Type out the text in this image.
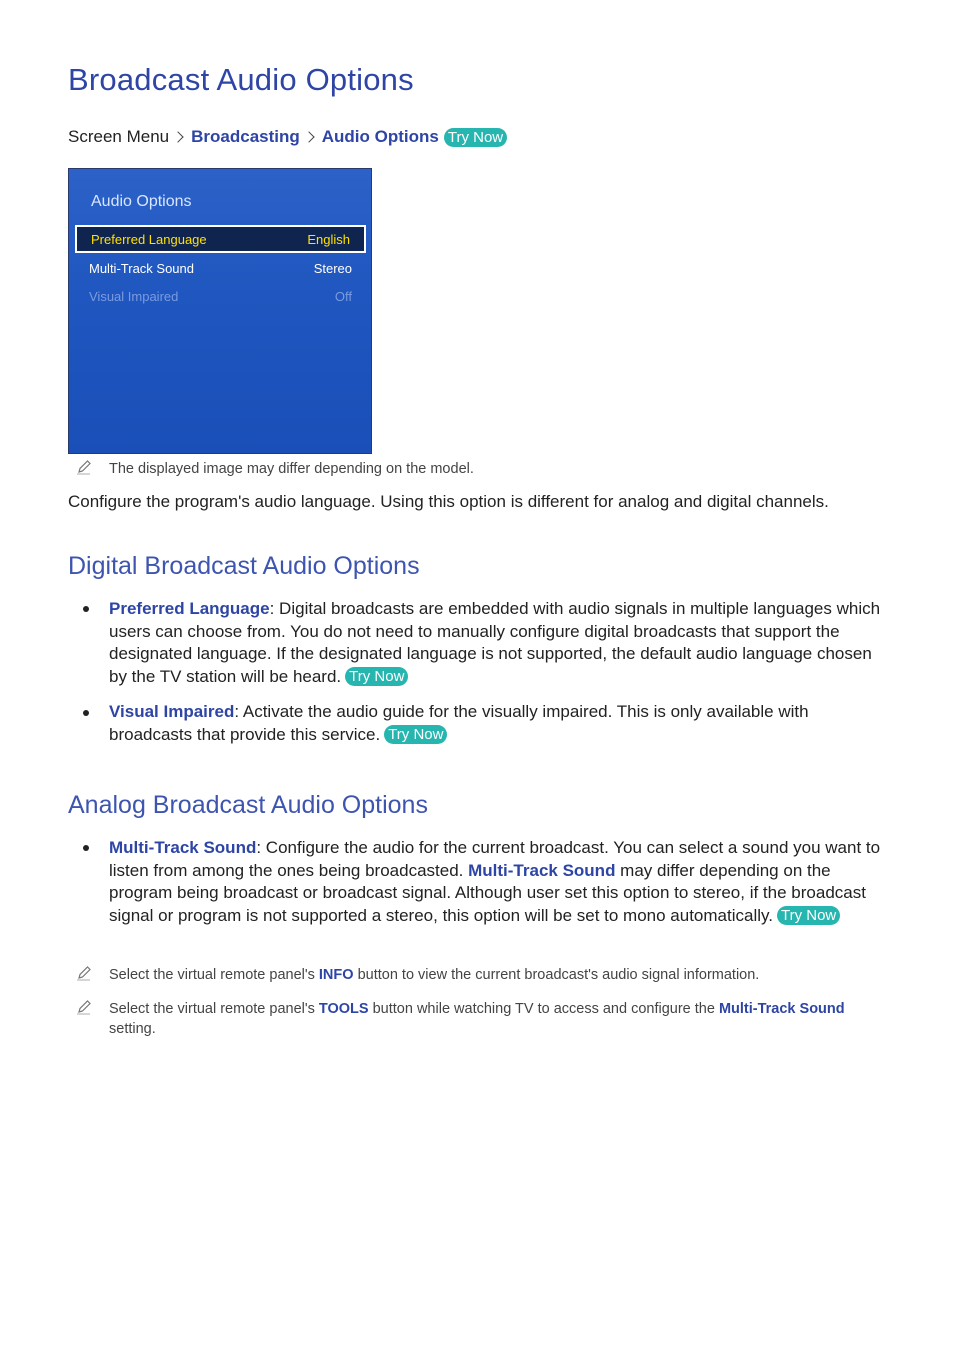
Broadcast Audio Options
Screen Menu Broadcasting Audio Options Try Now
Audio Options
Preferred Language	English
Multi-Track Sound	Stereo
Visual Impaired	Off
The displayed image may differ depending on the model.

Configure the program's audio language. Using this option is different for analog and digital channels.

Digital Broadcast Audio Options
Preferred Language: Digital broadcasts are embedded with audio signals in multiple languages which users can choose from. You do not need to manually configure digital broadcasts that support the designated language. If the designated language is not supported, the default audio language chosen by the TV station will be heard. Try Now
Visual Impaired: Activate the audio guide for the visually impaired. This is only available with broadcasts that provide this service. Try Now
Analog Broadcast Audio Options
Multi-Track Sound: Configure the audio for the current broadcast. You can select a sound you want to listen from among the ones being broadcasted. Multi-Track Sound may differ depending on the program being broadcast or broadcast signal. Although user set this option to stereo, if the broadcast signal or program is not supported a stereo, this option will be set to mono automatically. Try Now
Select the virtual remote panel's INFO button to view the current broadcast's audio signal information.
Select the virtual remote panel's TOOLS button while watching TV to access and configure the Multi-Track Sound setting.
